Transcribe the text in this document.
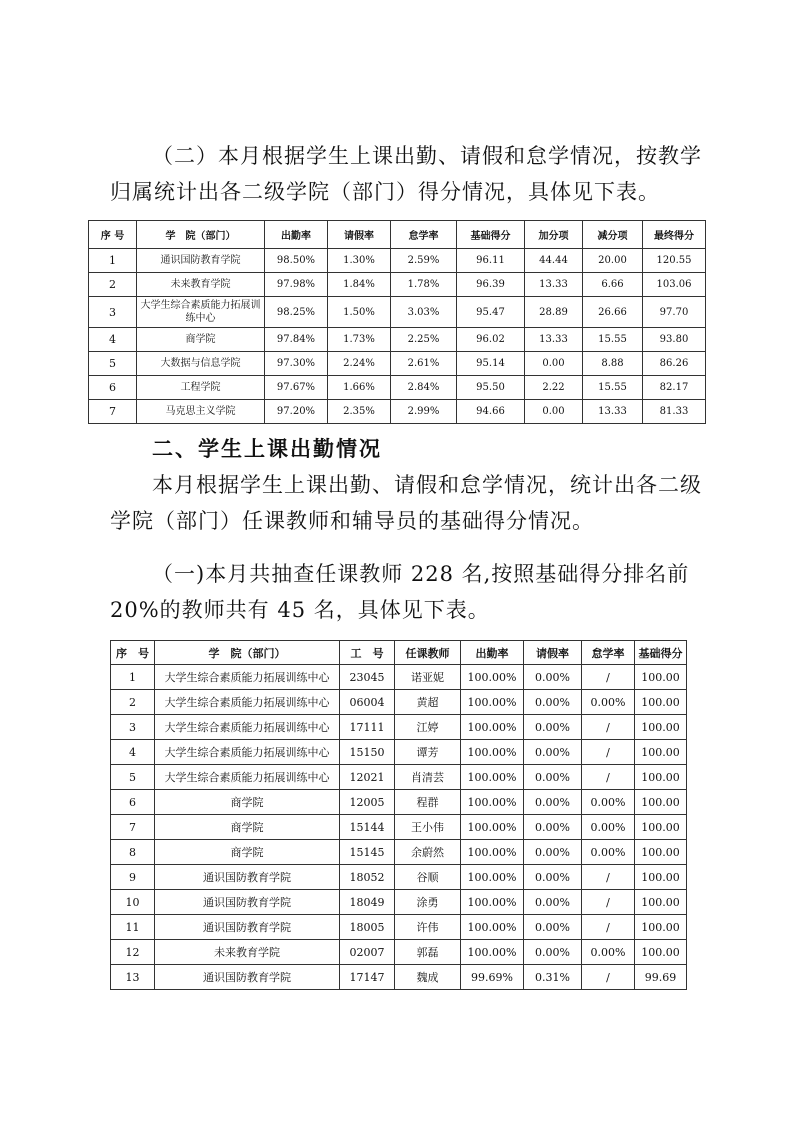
（二）本月根据学生上课出勤、请假和怠学情况，按教学归属统计出各二级学院（部门）得分情况，具体见下表。
序 号	学　院（部门）	出勤率	请假率	怠学率	基础得分	加分项	减分项	最终得分
1	通识国防教育学院	98.50%	1.30%	2.59%	96.11	44.44	20.00	120.55
2	未来教育学院	97.98%	1.84%	1.78%	96.39	13.33	6.66	103.06
3	大学生综合素质能力拓展训练中心	98.25%	1.50%	3.03%	95.47	28.89	26.66	97.70
4	商学院	97.84%	1.73%	2.25%	96.02	13.33	15.55	93.80
5	大数据与信息学院	97.30%	2.24%	2.61%	95.14	0.00	8.88	86.26
6	工程学院	97.67%	1.66%	2.84%	95.50	2.22	15.55	82.17
7	马克思主义学院	97.20%	2.35%	2.99%	94.66	0.00	13.33	81.33
二、学生上课出勤情况
本月根据学生上课出勤、请假和怠学情况，统计出各二级学院（部门）任课教师和辅导员的基础得分情况。
（一)本月共抽查任课教师 228 名,按照基础得分排名前 20%的教师共有 45 名，具体见下表。
序　号	学　院（部门）	工　号	任课教师	出勤率	请假率	怠学率	基础得分
1	大学生综合素质能力拓展训练中心	23045	诺亚妮	100.00%	0.00%	/	100.00
2	大学生综合素质能力拓展训练中心	06004	黄超	100.00%	0.00%	0.00%	100.00
3	大学生综合素质能力拓展训练中心	17111	江婷	100.00%	0.00%	/	100.00
4	大学生综合素质能力拓展训练中心	15150	谭芳	100.00%	0.00%	/	100.00
5	大学生综合素质能力拓展训练中心	12021	肖清芸	100.00%	0.00%	/	100.00
6	商学院	12005	程群	100.00%	0.00%	0.00%	100.00
7	商学院	15144	王小伟	100.00%	0.00%	0.00%	100.00
8	商学院	15145	余蔚然	100.00%	0.00%	0.00%	100.00
9	通识国防教育学院	18052	谷顺	100.00%	0.00%	/	100.00
10	通识国防教育学院	18049	涂勇	100.00%	0.00%	/	100.00
11	通识国防教育学院	18005	许伟	100.00%	0.00%	/	100.00
12	未来教育学院	02007	郭磊	100.00%	0.00%	0.00%	100.00
13	通识国防教育学院	17147	魏成	99.69%	0.31%	/	99.69
